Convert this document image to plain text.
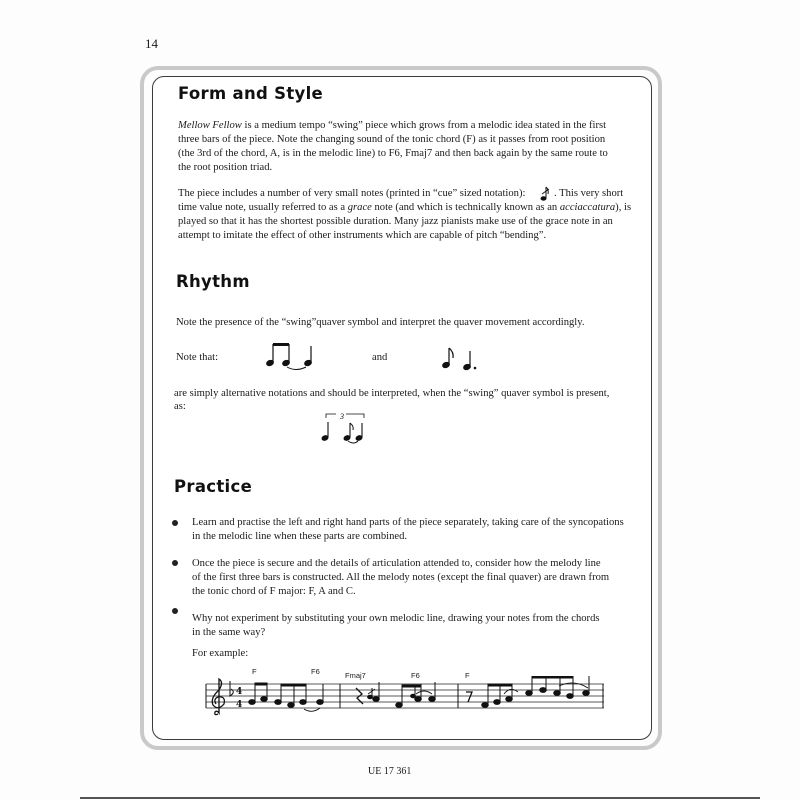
14
Form and Style
Mellow Fellow is a medium tempo “swing” piece which grows from a melodic idea stated in the first
three bars of the piece. Note the changing sound of the tonic chord (F) as it passes from root position
(the 3rd of the chord, A, is in the melodic line) to F6, Fmaj7 and then back again by the same route to
the root position triad.
The piece includes a number of very small notes (printed in “cue” sized notation):	. This very short
time value note, usually referred to as a grace note (and which is technically known as an acciaccatura), is
played so that it has the shortest possible duration. Many jazz pianists make use of the grace note in an
attempt to imitate the effect of other instruments which are capable of pitch “bending”.
Rhythm
Note the presence of the “swing”quaver symbol and interpret the quaver movement accordingly.
Note that:	and
are simply alternative notations and should be interpreted, when the “swing” quaver symbol is present,
as:
3
Practice
Learn and practise the left and right hand parts of the piece separately, taking care of the syncopations
in the melodic line when these parts are combined.
Once the piece is secure and the details of articulation attended to, consider how the melody line
of the first three bars is constructed. All the melody notes (except the final quaver) are drawn from
the tonic chord of F major: F, A and C.
Why not experiment by substituting your own melodic line, drawing your notes from the chords
in the same way?
For example:
F	F6	Fmaj7	F6	F
4
4
UE 17 361
